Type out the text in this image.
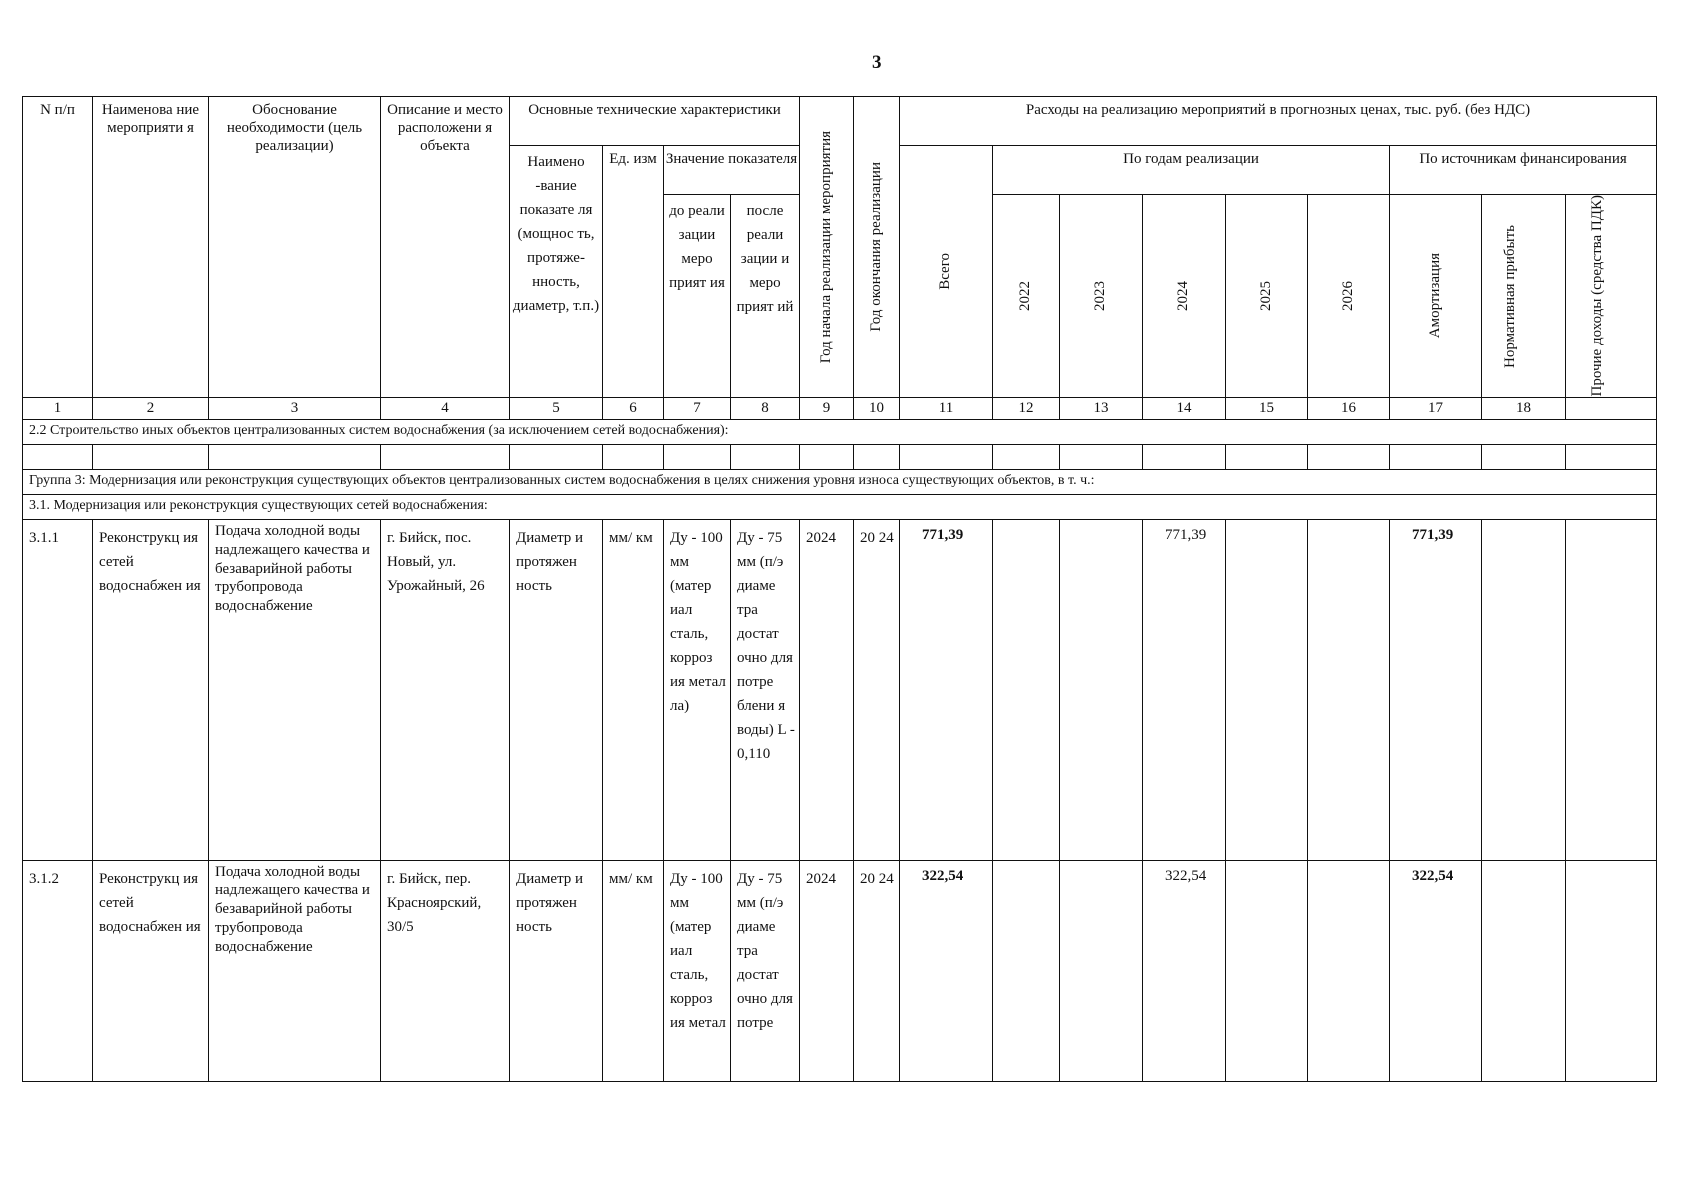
3
N п/п	Наименова ние мероприяти я	Обоснование необходимости (цель реализации)	Описание и место расположени я объекта	Основные технические характеристики				Год начала реализации мероприятия	Год окончания реализации	Расходы на реализацию мероприятий в прогнозных ценах, тыс. руб. (без НДС)									
				Наимено -вание показате ля (мощнос ть, протяже- нность, диаметр, т.п.)	Ед. изм	Значение показателя				Всего	По годам реализации					По источникам финансирования			
						до реали зации меро прият ия	после реали зации и меро прият ий				2022	2023	2024	2025	2026	Амортизация	Нормативная прибыть	Прочие доходы (средства ПДК)	

1	2	3	4	5	6	7	8	9	10	11	12	13	14	15	16	17	18		
2.2 Строительство иных объектов централизованных систем водоснабжения (за исключением сетей водоснабжения):																			

Группа 3: Модернизация или реконструкция существующих объектов централизованных систем водоснабжения в целях снижения уровня износа существующих объектов, в т. ч.:																			
3.1. Модернизация или реконструкция существующих сетей водоснабжения:																			
3.1.1	Реконструкц ия сетей водоснабжен ия	Подача холодной воды надлежащего качества и безаварийной работы трубопровода водоснабжение	г. Бийск, пос. Новый, ул. Урожайный, 26	Диаметр и протяжен ность	мм/ км	Ду - 100 мм (матер иал сталь, корроз ия метал ла)	Ду - 75 мм (п/э диаме тра достат очно для потре блени я воды) L - 0,110	2024	20 24	771,39			771,39			771,39			
3.1.2	Реконструкц ия сетей водоснабжен ия	Подача холодной воды надлежащего качества и безаварийной работы трубопровода водоснабжение	г. Бийск, пер. Красноярский, 30/5	Диаметр и протяжен ность	мм/ км	Ду - 100 мм (матер иал сталь, корроз ия метал	Ду - 75 мм (п/э диаме тра достат очно для потре	2024	20 24	322,54			322,54			322,54			
